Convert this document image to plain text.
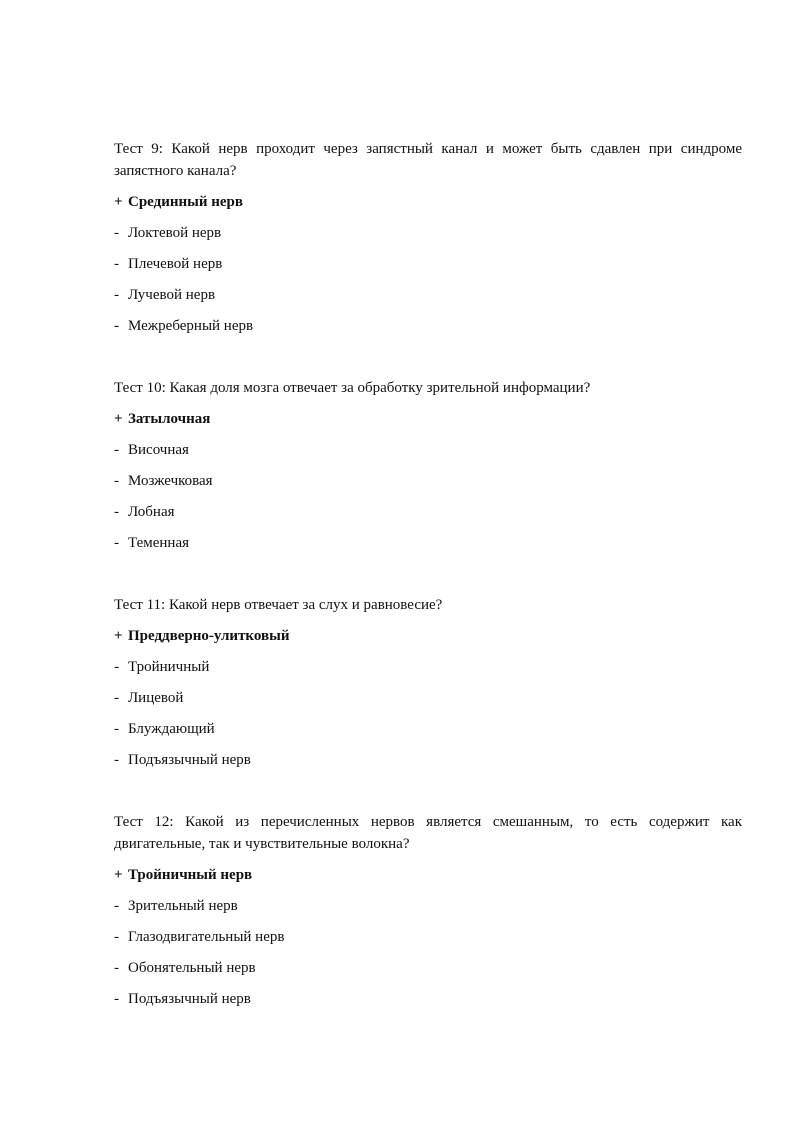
Тест 9: Какой нерв проходит через запястный канал и может быть сдавлен при синдроме запястного канала?

+ Срединный нерв

- Локтевой нерв

- Плечевой нерв

- Лучевой нерв

- Межреберный нерв

Тест 10: Какая доля мозга отвечает за обработку зрительной информации?

+ Затылочная

- Височная

- Мозжечковая

- Лобная

- Теменная

Тест 11: Какой нерв отвечает за слух и равновесие?

+ Преддверно-улитковый

- Тройничный

- Лицевой

- Блуждающий

- Подъязычный нерв

Тест 12: Какой из перечисленных нервов является смешанным, то есть содержит как двигательные, так и чувствительные волокна?

+ Тройничный нерв

- Зрительный нерв

- Глазодвигательный нерв

- Обонятельный нерв

- Подъязычный нерв
